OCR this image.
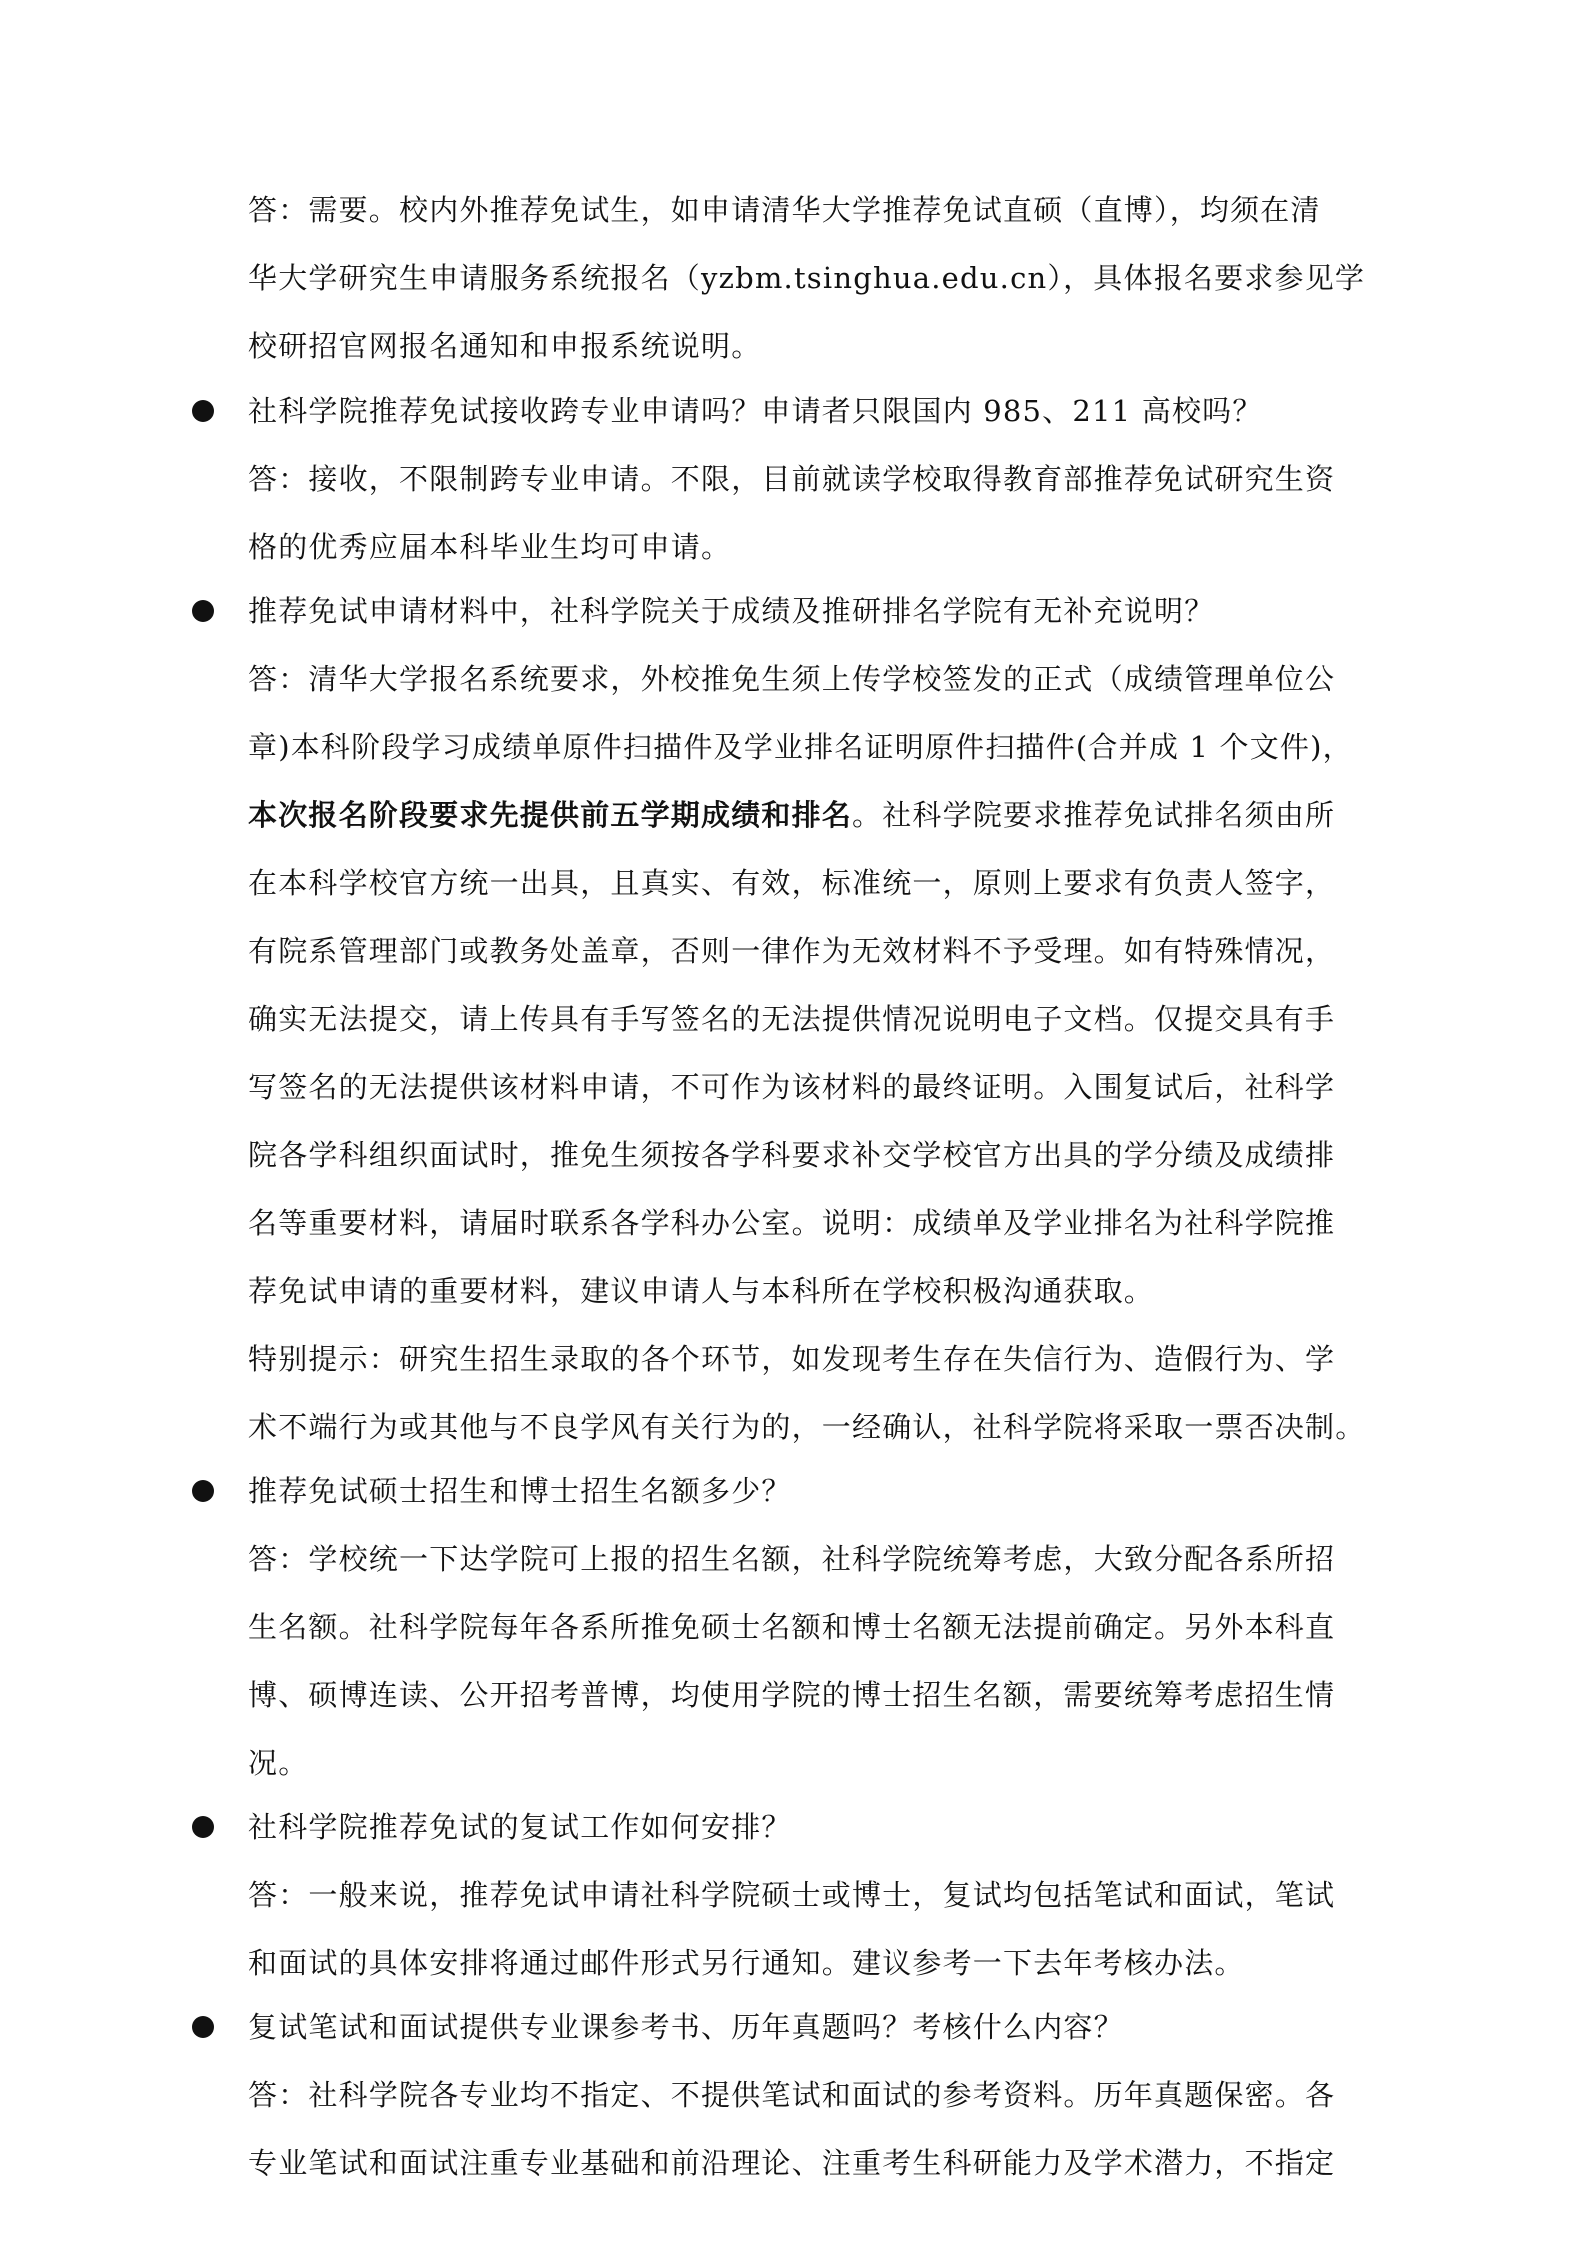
答：需要。校内外推荐免试生，如申请清华大学推荐免试直硕（直博），均须在清
华大学研究生申请服务系统报名（yzbm.tsinghua.edu.cn），具体报名要求参见学
校研招官网报名通知和申报系统说明。
社科学院推荐免试接收跨专业申请吗？申请者只限国内 985、211 高校吗？
答：接收，不限制跨专业申请。不限，目前就读学校取得教育部推荐免试研究生资
格的优秀应届本科毕业生均可申请。
推荐免试申请材料中，社科学院关于成绩及推研排名学院有无补充说明？
答：清华大学报名系统要求，外校推免生须上传学校签发的正式（成绩管理单位公
章)本科阶段学习成绩单原件扫描件及学业排名证明原件扫描件(合并成 1 个文件)，
本次报名阶段要求先提供前五学期成绩和排名。社科学院要求推荐免试排名须由所
在本科学校官方统一出具，且真实、有效，标准统一，原则上要求有负责人签字，
有院系管理部门或教务处盖章，否则一律作为无效材料不予受理。如有特殊情况，
确实无法提交，请上传具有手写签名的无法提供情况说明电子文档。仅提交具有手
写签名的无法提供该材料申请，不可作为该材料的最终证明。入围复试后，社科学
院各学科组织面试时，推免生须按各学科要求补交学校官方出具的学分绩及成绩排
名等重要材料，请届时联系各学科办公室。说明：成绩单及学业排名为社科学院推
荐免试申请的重要材料，建议申请人与本科所在学校积极沟通获取。
特别提示：研究生招生录取的各个环节，如发现考生存在失信行为、造假行为、学
术不端行为或其他与不良学风有关行为的，一经确认，社科学院将采取一票否决制。
推荐免试硕士招生和博士招生名额多少？
答：学校统一下达学院可上报的招生名额，社科学院统筹考虑，大致分配各系所招
生名额。社科学院每年各系所推免硕士名额和博士名额无法提前确定。另外本科直
博、硕博连读、公开招考普博，均使用学院的博士招生名额，需要统筹考虑招生情
况。
社科学院推荐免试的复试工作如何安排？
答：一般来说，推荐免试申请社科学院硕士或博士，复试均包括笔试和面试，笔试
和面试的具体安排将通过邮件形式另行通知。建议参考一下去年考核办法。
复试笔试和面试提供专业课参考书、历年真题吗？考核什么内容？
答：社科学院各专业均不指定、不提供笔试和面试的参考资料。历年真题保密。各
专业笔试和面试注重专业基础和前沿理论、注重考生科研能力及学术潜力，不指定
